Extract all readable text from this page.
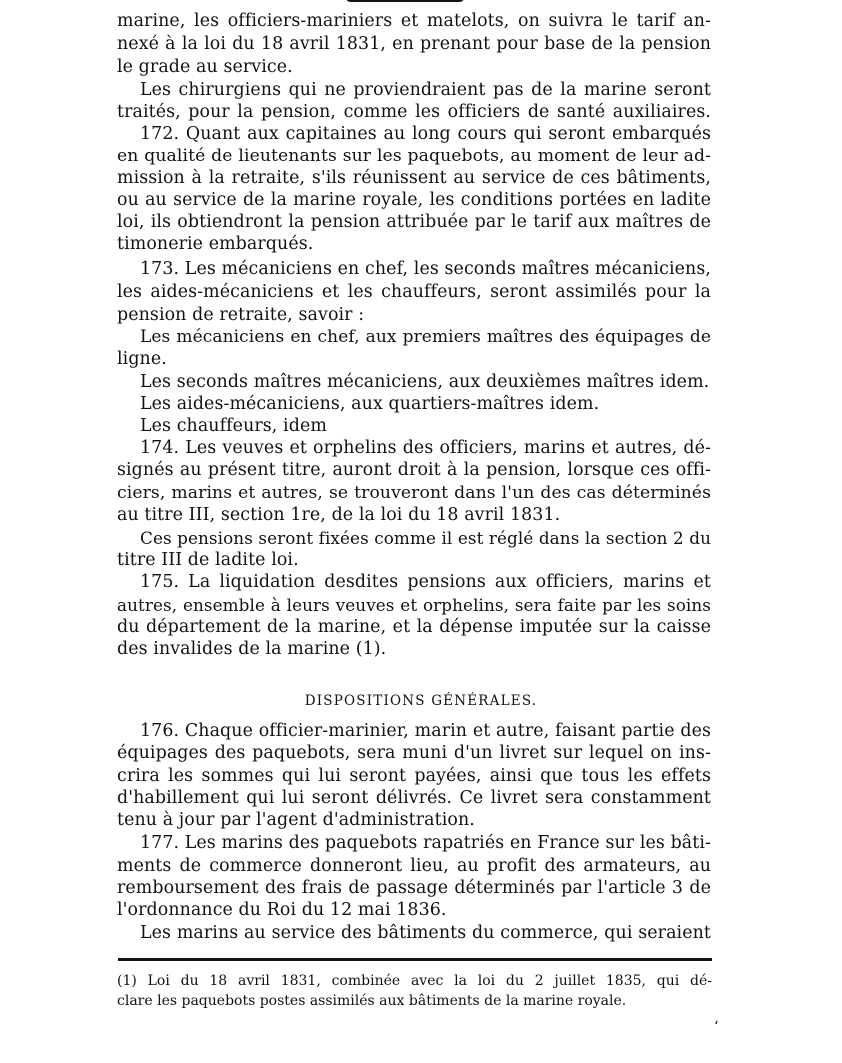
marine, les officiers-mariniers et matelots, on suivra le tarif an-
nexé à la loi du 18 avril 1831, en prenant pour base de la pension
le grade au service.
Les chirurgiens qui ne proviendraient pas de la marine seront
traités, pour la pension, comme les officiers de santé auxiliaires.
172. Quant aux capitaines au long cours qui seront embarqués
en qualité de lieutenants sur les paquebots, au moment de leur ad-
mission à la retraite, s'ils réunissent au service de ces bâtiments,
ou au service de la marine royale, les conditions portées en ladite
loi, ils obtiendront la pension attribuée par le tarif aux maîtres de
timonerie embarqués.
173. Les mécaniciens en chef, les seconds maîtres mécaniciens,
les aides-mécaniciens et les chauffeurs, seront assimilés pour la
pension de retraite, savoir :
Les mécaniciens en chef, aux premiers maîtres des équipages de
ligne.
Les seconds maîtres mécaniciens, aux deuxièmes maîtres idem.
Les aides-mécaniciens, aux quartiers-maîtres idem.
Les chauffeurs, idem
174. Les veuves et orphelins des officiers, marins et autres, dé-
signés au présent titre, auront droit à la pension, lorsque ces offi-
ciers, marins et autres, se trouveront dans l'un des cas déterminés
au titre III, section 1re, de la loi du 18 avril 1831.
Ces pensions seront fixées comme il est réglé dans la section 2 du
titre III de ladite loi.
175. La liquidation desdites pensions aux officiers, marins et
autres, ensemble à leurs veuves et orphelins, sera faite par les soins
du département de la marine, et la dépense imputée sur la caisse
des invalides de la marine (1).
DISPOSITIONS GÉNÉRALES.
176. Chaque officier-marinier, marin et autre, faisant partie des
équipages des paquebots, sera muni d'un livret sur lequel on ins-
crira les sommes qui lui seront payées, ainsi que tous les effets
d'habillement qui lui seront délivrés. Ce livret sera constamment
tenu à jour par l'agent d'administration.
177. Les marins des paquebots rapatriés en France sur les bâti-
ments de commerce donneront lieu, au profit des armateurs, au
remboursement des frais de passage déterminés par l'article 3 de
l'ordonnance du Roi du 12 mai 1836.
Les marins au service des bâtiments du commerce, qui seraient
(1) Loi du 18 avril 1831, combinée avec la loi du 2 juillet 1835, qui dé-
clare les paquebots postes assimilés aux bâtiments de la marine royale.
‘
